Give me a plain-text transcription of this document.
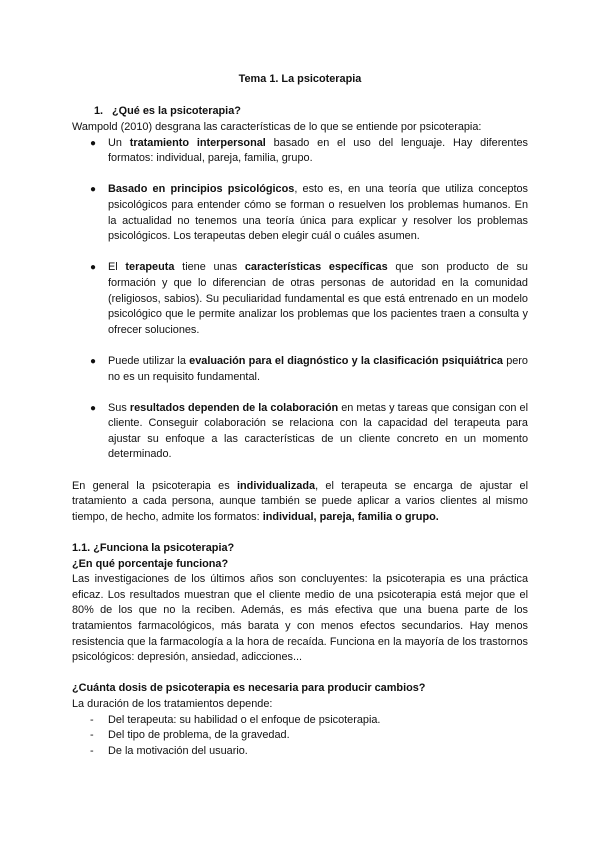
Tema 1. La psicoterapia

1. ¿Qué es la psicoterapia?

Wampold (2010) desgrana las características de lo que se entiende por psicoterapia:

● Un tratamiento interpersonal basado en el uso del lenguaje. Hay diferentes formatos: individual, pareja, familia, grupo.
● Basado en principios psicológicos, esto es, en una teoría que utiliza conceptos psicológicos para entender cómo se forman o resuelven los problemas humanos. En la actualidad no tenemos una teoría única para explicar y resolver los problemas psicológicos. Los terapeutas deben elegir cuál o cuáles asumen.
● El terapeuta tiene unas características específicas que son producto de su formación y que lo diferencian de otras personas de autoridad en la comunidad (religiosos, sabios). Su peculiaridad fundamental es que está entrenado en un modelo psicológico que le permite analizar los problemas que los pacientes traen a consulta y ofrecer soluciones.
● Puede utilizar la evaluación para el diagnóstico y la clasificación psiquiátrica pero no es un requisito fundamental.
● Sus resultados dependen de la colaboración en metas y tareas que consigan con el cliente. Conseguir colaboración se relaciona con la capacidad del terapeuta para ajustar su enfoque a las características de un cliente concreto en un momento determinado.

En general la psicoterapia es individualizada, el terapeuta se encarga de ajustar el tratamiento a cada persona, aunque también se puede aplicar a varios clientes al mismo tiempo, de hecho, admite los formatos: individual, pareja, familia o grupo.

1.1. ¿Funciona la psicoterapia?

¿En qué porcentaje funciona?

Las investigaciones de los últimos años son concluyentes: la psicoterapia es una práctica eficaz. Los resultados muestran que el cliente medio de una psicoterapia está mejor que el 80% de los que no la reciben. Además, es más efectiva que una buena parte de los tratamientos farmacológicos, más barata y con menos efectos secundarios. Hay menos resistencia que la farmacología a la hora de recaída. Funciona en la mayoría de los trastornos psicológicos: depresión, ansiedad, adicciones...

¿Cuánta dosis de psicoterapia es necesaria para producir cambios?

La duración de los tratamientos depende:

- Del terapeuta: su habilidad o el enfoque de psicoterapia.
- Del tipo de problema, de la gravedad.
- De la motivación del usuario.
